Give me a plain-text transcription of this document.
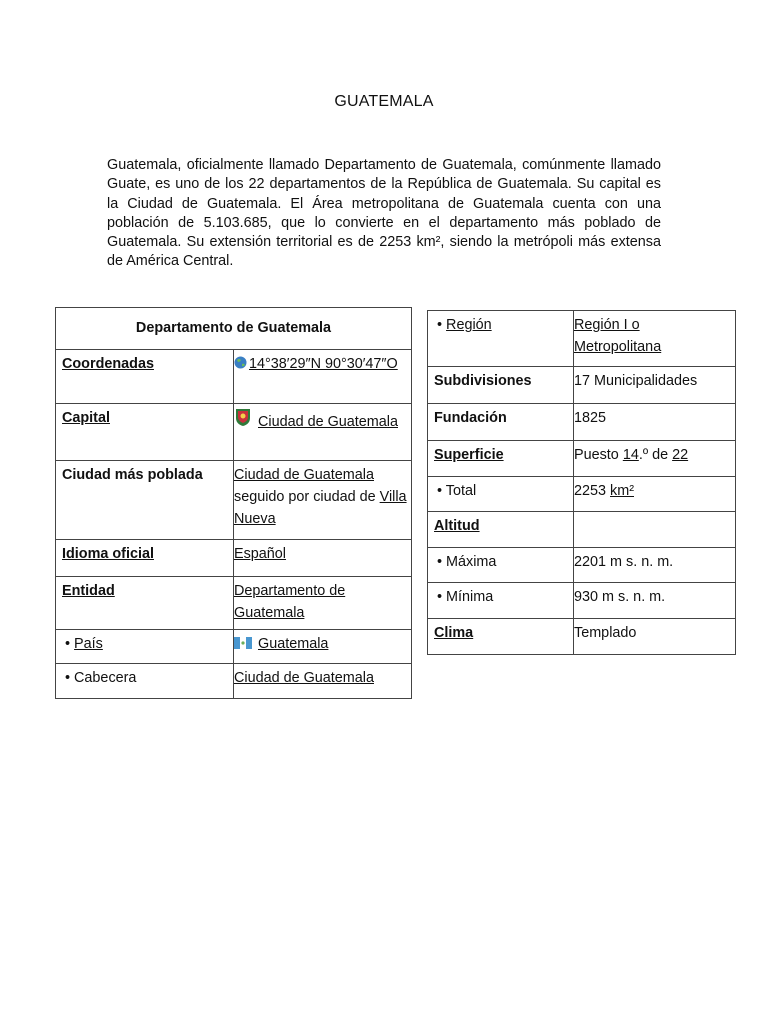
GUATEMALA
Guatemala, oficialmente llamado Departamento de Guatemala, comúnmente llamado Guate, es uno de los 22 departamentos de la República de Guatemala. Su capital es la Ciudad de Guatemala. El Área metropolitana de Guatemala cuenta con una población de 5.103.685, que lo convierte en el departamento más poblado de Guatemala. Su extensión territorial es de 2253 km², siendo la metrópoli más extensa de América Central.
Departamento de Guatemala	

Coordenadas	14°38′29″N 90°30′47″O

Capital	Ciudad de Guatemala

Ciudad más poblada	Ciudad de Guatemala seguido por ciudad de Villa Nueva

Idioma oficial	Español

Entidad	Departamento de Guatemala

• País	Guatemala

• Cabecera	Ciudad de Guatemala
• Región	Región I o Metropolitana

Subdivisiones	17 Municipalidades

Fundación	1825

Superficie	Puesto 14.º de 22

• Total	2253 km²

Altitud	

• Máxima	2201 m s. n. m.

• Mínima	930 m s. n. m.

Clima	Templado
